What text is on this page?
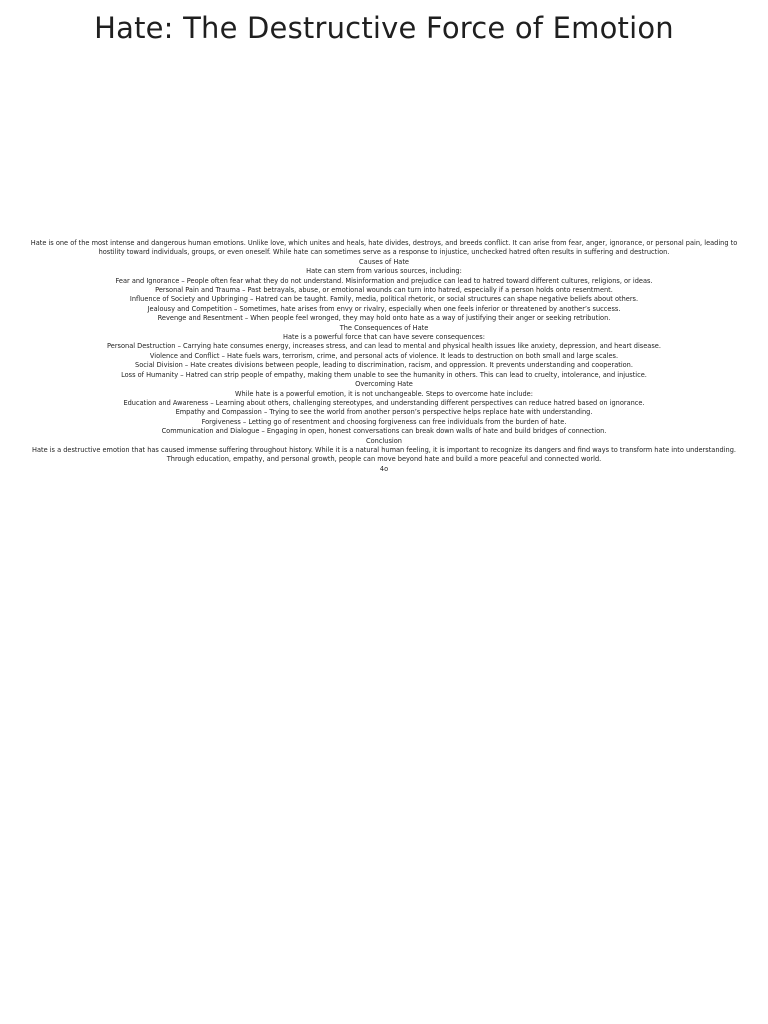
Hate: The Destructive Force of Emotion

Hate is one of the most intense and dangerous human emotions. Unlike love, which unites and heals, hate divides, destroys, and breeds conflict. It can arise from fear, anger, ignorance, or personal pain, leading to hostility toward individuals, groups, or even oneself. While hate can sometimes serve as a response to injustice, unchecked hatred often results in suffering and destruction.

Causes of Hate

Hate can stem from various sources, including:

Fear and Ignorance – People often fear what they do not understand. Misinformation and prejudice can lead to hatred toward different cultures, religions, or ideas.

Personal Pain and Trauma – Past betrayals, abuse, or emotional wounds can turn into hatred, especially if a person holds onto resentment.

Influence of Society and Upbringing – Hatred can be taught. Family, media, political rhetoric, or social structures can shape negative beliefs about others.

Jealousy and Competition – Sometimes, hate arises from envy or rivalry, especially when one feels inferior or threatened by another’s success.

Revenge and Resentment – When people feel wronged, they may hold onto hate as a way of justifying their anger or seeking retribution.

The Consequences of Hate

Hate is a powerful force that can have severe consequences:

Personal Destruction – Carrying hate consumes energy, increases stress, and can lead to mental and physical health issues like anxiety, depression, and heart disease.

Violence and Conflict – Hate fuels wars, terrorism, crime, and personal acts of violence. It leads to destruction on both small and large scales.

Social Division – Hate creates divisions between people, leading to discrimination, racism, and oppression. It prevents understanding and cooperation.

Loss of Humanity – Hatred can strip people of empathy, making them unable to see the humanity in others. This can lead to cruelty, intolerance, and injustice.

Overcoming Hate

While hate is a powerful emotion, it is not unchangeable. Steps to overcome hate include:

Education and Awareness – Learning about others, challenging stereotypes, and understanding different perspectives can reduce hatred based on ignorance.

Empathy and Compassion – Trying to see the world from another person’s perspective helps replace hate with understanding.

Forgiveness – Letting go of resentment and choosing forgiveness can free individuals from the burden of hate.

Communication and Dialogue – Engaging in open, honest conversations can break down walls of hate and build bridges of connection.

Conclusion

Hate is a destructive emotion that has caused immense suffering throughout history. While it is a natural human feeling, it is important to recognize its dangers and find ways to transform hate into understanding. Through education, empathy, and personal growth, people can move beyond hate and build a more peaceful and connected world.

4o
